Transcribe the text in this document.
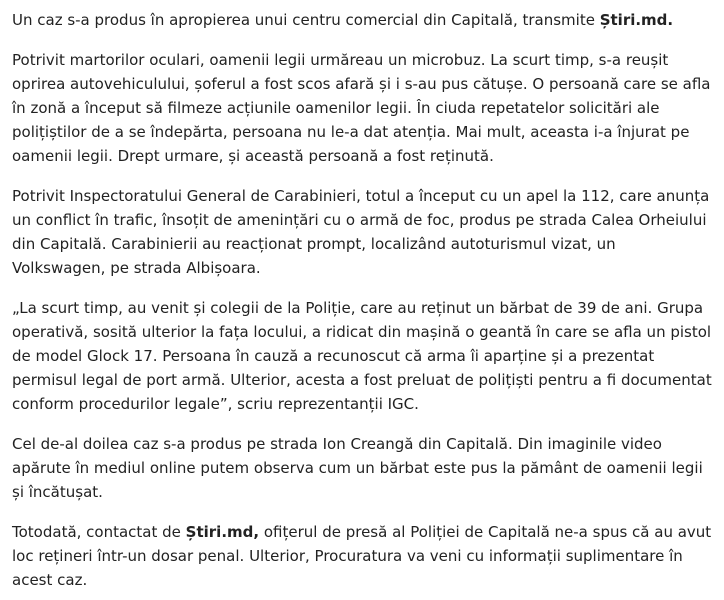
Un caz s-a produs în apropierea unui centru comercial din Capitală, transmite Știri.md.

Potrivit martorilor oculari, oamenii legii urmăreau un microbuz. La scurt timp, s-a reușit oprirea autovehiculului, șoferul a fost scos afară și i s-au pus cătușe. O persoană care se afla în zonă a început să filmeze acțiunile oamenilor legii. În ciuda repetatelor solicitări ale polițiștilor de a se îndepărta, persoana nu le-a dat atenția. Mai mult, aceasta i-a înjurat pe oamenii legii. Drept urmare, și această persoană a fost reținută.

Potrivit Inspectoratului General de Carabinieri, totul a început cu un apel la 112, care anunța un conflict în trafic, însoțit de amenințări cu o armă de foc, produs pe strada Calea Orheiului din Capitală. Carabinierii au reacționat prompt, localizând autoturismul vizat, un Volkswagen, pe strada Albișoara.

„La scurt timp, au venit și colegii de la Poliție, care au reținut un bărbat de 39 de ani. Grupa operativă, sosită ulterior la fața locului, a ridicat din mașină o geantă în care se afla un pistol de model Glock 17. Persoana în cauză a recunoscut că arma îi aparține și a prezentat permisul legal de port armă. Ulterior, acesta a fost preluat de polițiști pentru a fi documentat conform procedurilor legale”, scriu reprezentanții IGC.

Cel de-al doilea caz s-a produs pe strada Ion Creangă din Capitală. Din imaginile video apărute în mediul online putem observa cum un bărbat este pus la pământ de oamenii legii și încătușat.

Totodată, contactat de Știri.md, ofițerul de presă al Poliției de Capitală ne-a spus că au avut loc rețineri într-un dosar penal. Ulterior, Procuratura va veni cu informații suplimentare în acest caz.
